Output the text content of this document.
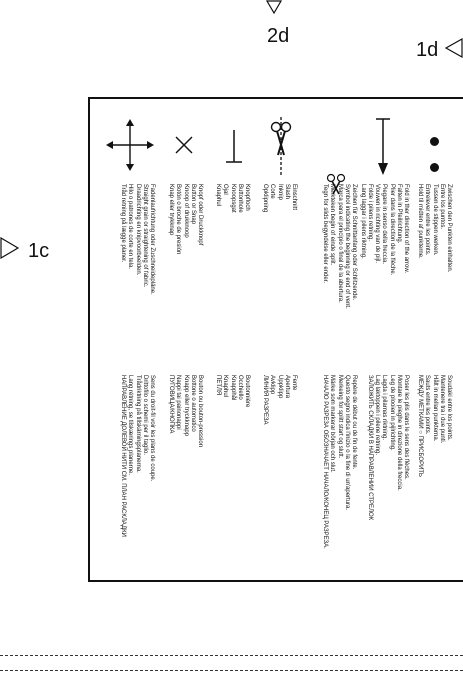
2d
1d
1c	Zwischen den Punkten einhalten.
Entre los puntos.
Tussen de stippen werken.
Entrelever entre les points.
Hold til midten af punkterne.
Fold in ther direction of the arrow.
Falten in Pfeilrichtung.
Plier dans la direction de la flèche.
Piegare in senso della freccia.
Vouwen in richting van de pijl.
Folde i pilens retning.
Lang laggar i pilens riktning.
Soudaki entre los points.
Mantenere tra i due punti.
Hålt in mellan punkterna.
Sauts entre les points.
МЕЖДУ МЕТКАМИ ○ ПРИСБОРИТЬ
Poser les plis dans le sens des flèches.
Montare le pieghe in direzione della freccia.
Leg de plooien in pijlrichting.
Lagda i pilarnas riktning.
Lag laktoppen i pilene retning.
ЗАЛОЖИТЬ СКЛАДКИ В НАПРАВЛЕНИИ СТРЕЛОК
Zeichen für Schnittanfang oder Schlitzende.
Symbol indicating the beginning or end of vent.
Marca para el principio o final de la abertura.
Merkteken begin of einde split.
Tegn for slids begyndelse eller ender.
Einschnitt
Slash
Inknip
Corte
Opklipning
Repère de début ou de fin de fente.
Questo segno indica l'inizio o la fine di un'apertura.
Merkeing for splitt start og slutt.
Märke som markerar början och slut.
НАЧАЛО РАЗРЕЗА ОБОЗНАЧАЕТ НАЧАЛО/КОНЕЦ РАЗРЕЗА.
Fente
Apertura
Uppklipp
Avklipp
ЛИНИЯ РАЗРЕЗА
Knopfloch
Buttonhole
Knoopsgat
Ojal
Knaphul
Boutonnière
Occhiello
Knapphål
Knaphul
ПЕТЛЯ
Knopf oder Druckknopf
Button or Snap
Knoop of drukknoop
Botón o broche de presión
Knap eller trykknap
Bouton ou bouton-pression
Bottone o automatico
Knapp eller tryckknapp
Nappi tai painonappi
ПУГОВИЦА/КНОПКА
Fadenlaufrichtung oder Zuschneidepläne.
Straight grain or straightening of fabric.
Draadrichting en knipvoorbeelden.
Hilo o patrones de corte en tela.
Tråd retning på lægge planer.
Sens du droit-fil voir les plans de coupe.
Drittofilo o schemi per il taglio.
Trådriktning på tillskärningsplanerna.
Lang rétning, se tilskærings planerne.
НАПРАВЛЕНИЕ ДОЛЕВОЙ НИТИ СМ. ПЛАН РАСКЛАДКИ
